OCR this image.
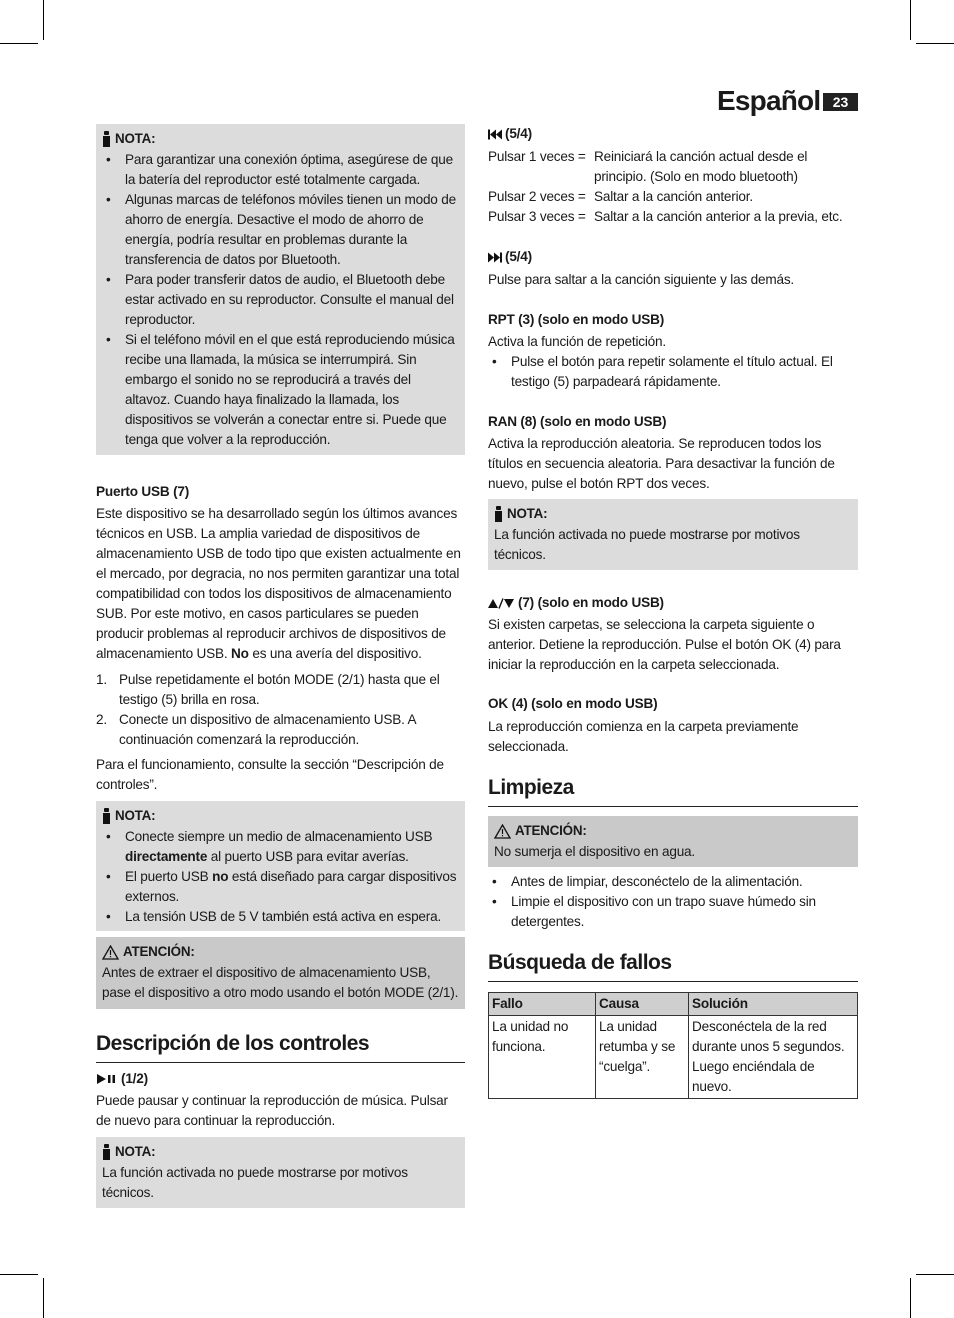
Español 23
NOTA:
• Para garantizar una conexión óptima, asegúrese de que la batería del reproductor esté totalmente cargada.
• Algunas marcas de teléfonos móviles tienen un modo de ahorro de energía. Desactive el modo de ahorro de energía, podría resultar en problemas durante la transferencia de datos por Bluetooth.
• Para poder transferir datos de audio, el Bluetooth debe estar activado en su reproductor. Consulte el manual del reproductor.
• Si el teléfono móvil en el que está reproduciendo música recibe una llamada, la música se interrumpirá. Sin embargo el sonido no se reproducirá a través del altavoz. Cuando haya finalizado la llamada, los dispositivos se volverán a conectar entre si. Puede que tenga que volver a la reproducción.
Puerto USB (7)
Este dispositivo se ha desarrollado según los últimos avances técnicos en USB. La amplia variedad de dispositivos de almacenamiento USB de todo tipo que existen actualmente en el mercado, por degracia, no nos permiten garantizar una total compatibilidad con todos los dispositivos de almacenamiento SUB. Por este motivo, en casos particulares se pueden producir problemas al reproducir archivos de dispositivos de almacenamiento USB. No es una avería del dispositivo.
1. Pulse repetidamente el botón MODE (2/1) hasta que el testigo (5) brilla en rosa.
2. Conecte un dispositivo de almacenamiento USB. A continuación comenzará la reproducción.
Para el funcionamiento, consulte la sección “Descripción de controles”.
NOTA:
• Conecte siempre un medio de almacenamiento USB directamente al puerto USB para evitar averías.
• El puerto USB no está diseñado para cargar dispositivos externos.
• La tensión USB de 5 V también está activa en espera.
ATENCIÓN:
Antes de extraer el dispositivo de almacenamiento USB, pase el dispositivo a otro modo usando el botón MODE (2/1).
Descripción de los controles
(1/2)
Puede pausar y continuar la reproducción de música. Pulsar de nuevo para continuar la reproducción.
NOTA:
La función activada no puede mostrarse por motivos técnicos.
(5/4)
Pulsar 1 veces = Reiniciará la canción actual desde el principio. (Solo en modo bluetooth)
Pulsar 2 veces = Saltar a la canción anterior.
Pulsar 3 veces = Saltar a la canción anterior a la previa, etc.
(5/4)
Pulse para saltar a la canción siguiente y las demás.
RPT (3) (solo en modo USB)
Activa la función de repetición.
• Pulse el botón para repetir solamente el título actual. El testigo (5) parpadeará rápidamente.
RAN (8) (solo en modo USB)
Activa la reproducción aleatoria. Se reproducen todos los títulos en secuencia aleatoria. Para desactivar la función de nuevo, pulse el botón RPT dos veces.
NOTA:
La función activada no puede mostrarse por motivos técnicos.
(7) (solo en modo USB)
Si existen carpetas, se selecciona la carpeta siguiente o anterior. Detiene la reproducción. Pulse el botón OK (4) para iniciar la reproducción en la carpeta seleccionada.
OK (4) (solo en modo USB)
La reproducción comienza en la carpeta previamente seleccionada.
Limpieza
ATENCIÓN:
No sumerja el dispositivo en agua.
• Antes de limpiar, desconéctelo de la alimentación.
• Limpie el dispositivo con un trapo suave húmedo sin detergentes.
Búsqueda de fallos
Fallo	Causa	Solución
La unidad no funciona.	La unidad retumba y se “cuelga”.	Desconéctela de la red durante unos 5 segundos. Luego enciéndala de nuevo.
